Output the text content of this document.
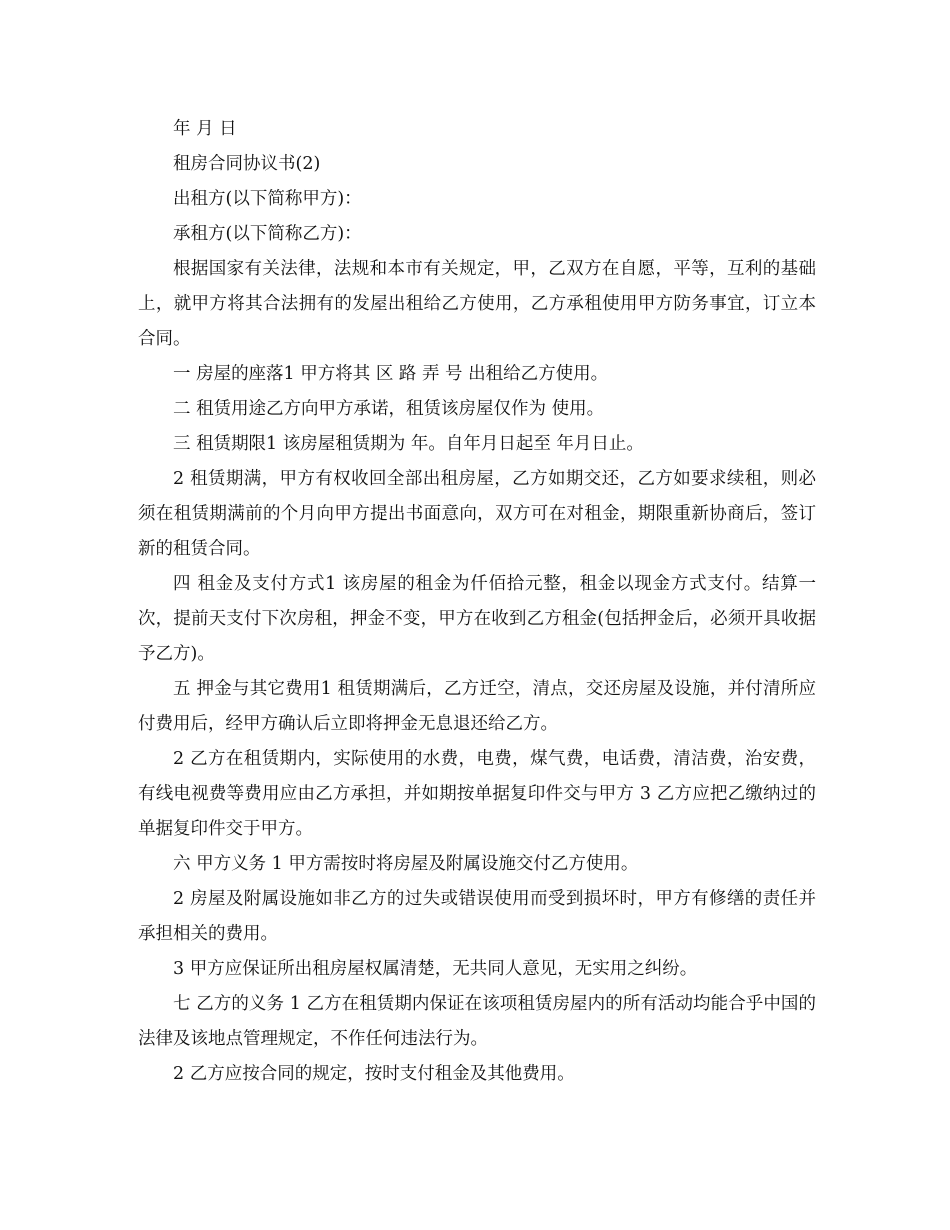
年 月 日

租房合同协议书(2)

出租方(以下简称甲方)：

承租方(以下简称乙方)：

根据国家有关法律，法规和本市有关规定，甲，乙双方在自愿，平等，互利的基础上，就甲方将其合法拥有的发屋出租给乙方使用，乙方承租使用甲方防务事宜，订立本合同。

一 房屋的座落1 甲方将其 区 路 弄 号 出租给乙方使用。

二 租赁用途乙方向甲方承诺，租赁该房屋仅作为 使用。

三 租赁期限1 该房屋租赁期为 年。自年月日起至 年月日止。

2 租赁期满，甲方有权收回全部出租房屋，乙方如期交还，乙方如要求续租，则必须在租赁期满前的个月向甲方提出书面意向，双方可在对租金，期限重新协商后，签订新的租赁合同。

四 租金及支付方式1 该房屋的租金为仟佰拾元整，租金以现金方式支付。结算一次，提前天支付下次房租，押金不变，甲方在收到乙方租金(包括押金后，必须开具收据予乙方)。

五 押金与其它费用1 租赁期满后，乙方迁空，清点，交还房屋及设施，并付清所应付费用后，经甲方确认后立即将押金无息退还给乙方。

2 乙方在租赁期内，实际使用的水费，电费，煤气费，电话费，清洁费，治安费，有线电视费等费用应由乙方承担，并如期按单据复印件交与甲方 3 乙方应把乙缴纳过的单据复印件交于甲方。

六 甲方义务 1 甲方需按时将房屋及附属设施交付乙方使用。

2 房屋及附属设施如非乙方的过失或错误使用而受到损坏时，甲方有修缮的责任并承担相关的费用。

3 甲方应保证所出租房屋权属清楚，无共同人意见，无实用之纠纷。

七 乙方的义务 1 乙方在租赁期内保证在该项租赁房屋内的所有活动均能合乎中国的法律及该地点管理规定，不作任何违法行为。

2 乙方应按合同的规定，按时支付租金及其他费用。
